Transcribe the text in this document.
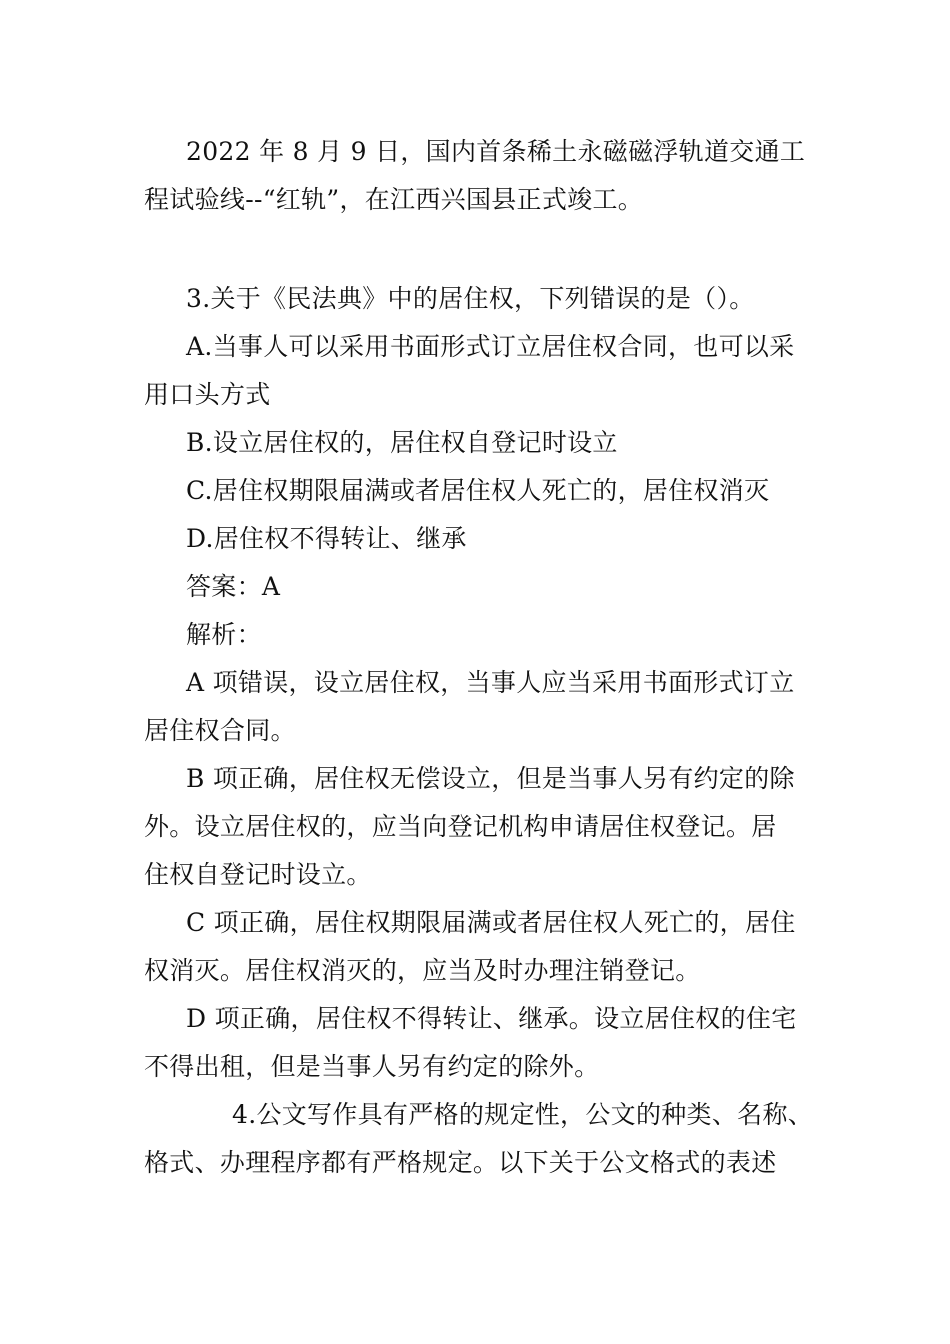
2022 年 8 月 9 日，国内首条稀土永磁磁浮轨道交通工
程试验线--“红轨”，在江西兴国县正式竣工。
3.关于《民法典》中的居住权，下列错误的是（）。
A.当事人可以采用书面形式订立居住权合同，也可以采
用口头方式
B.设立居住权的，居住权自登记时设立
C.居住权期限届满或者居住权人死亡的，居住权消灭
D.居住权不得转让、继承
答案：A
解析：
A 项错误，设立居住权，当事人应当采用书面形式订立
居住权合同。
B 项正确，居住权无偿设立，但是当事人另有约定的除
外。设立居住权的，应当向登记机构申请居住权登记。居
住权自登记时设立。
C 项正确，居住权期限届满或者居住权人死亡的，居住
权消灭。居住权消灭的，应当及时办理注销登记。
D 项正确，居住权不得转让、继承。设立居住权的住宅
不得出租，但是当事人另有约定的除外。
4.公文写作具有严格的规定性，公文的种类、名称、
格式、办理程序都有严格规定。以下关于公文格式的表述
